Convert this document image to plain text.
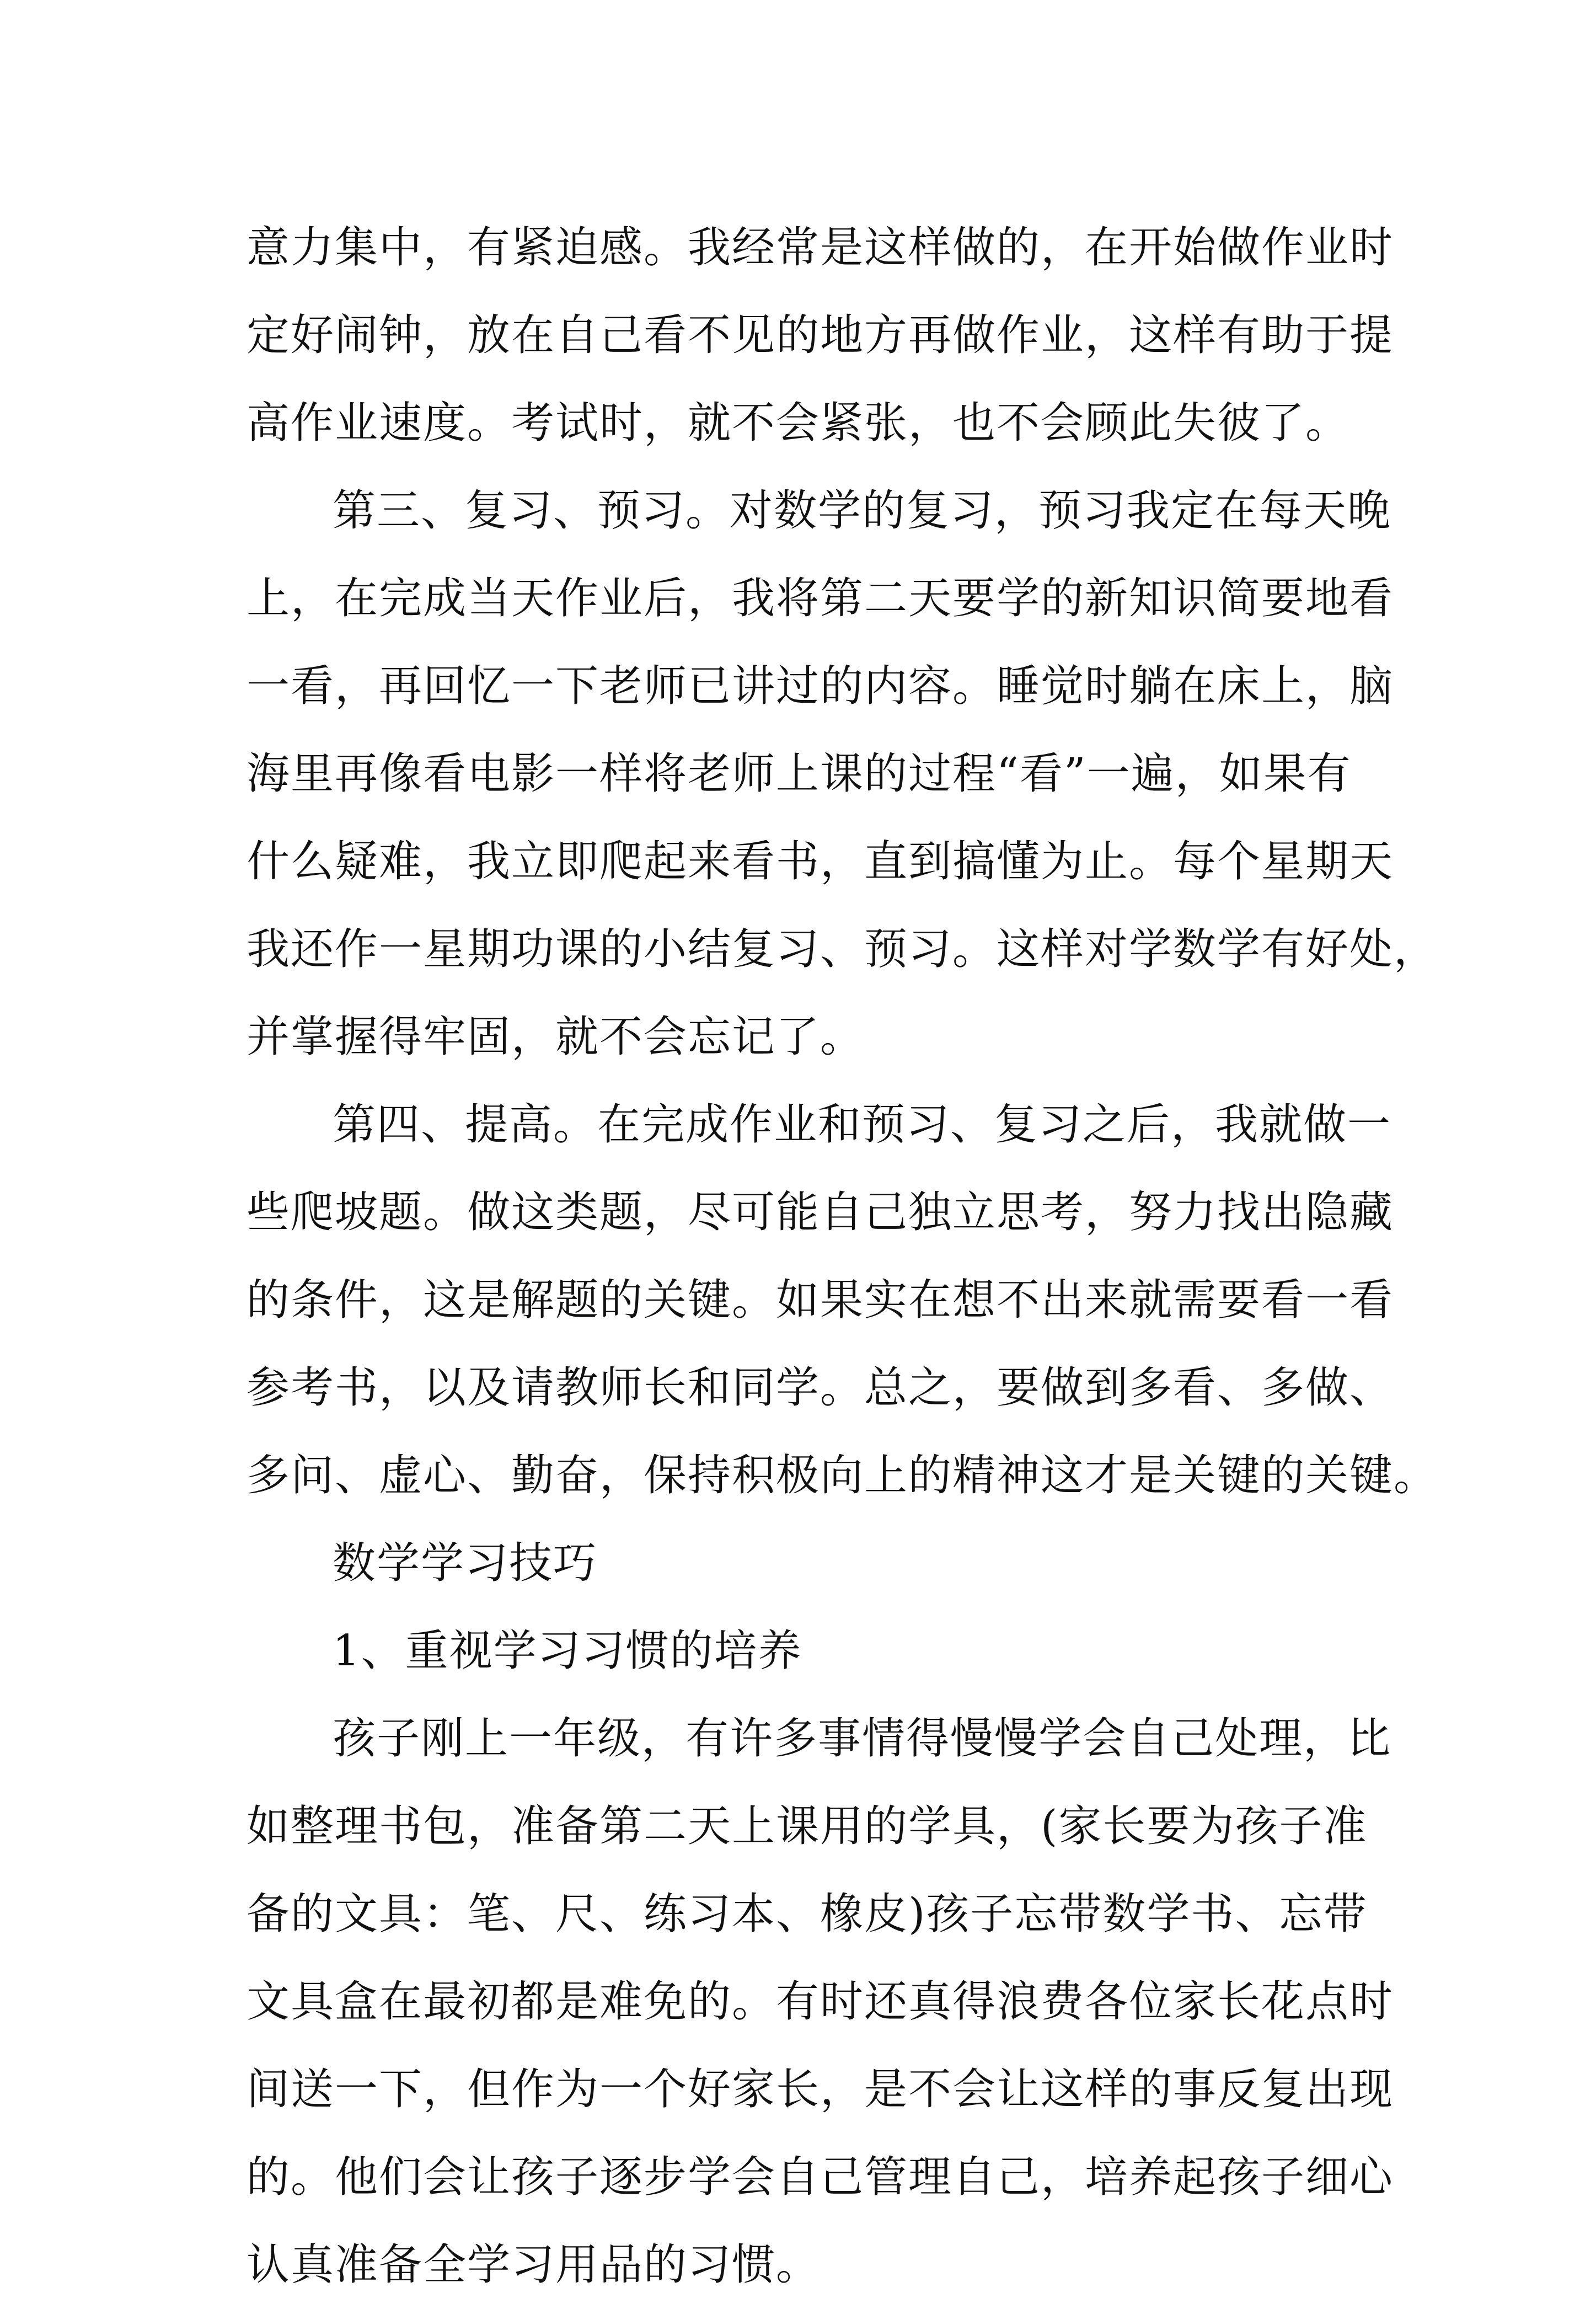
意力集中，有紧迫感。我经常是这样做的，在开始做作业时
定好闹钟，放在自己看不见的地方再做作业，这样有助于提
高作业速度。考试时，就不会紧张，也不会顾此失彼了。
第三、复习、预习。对数学的复习，预习我定在每天晚
上，在完成当天作业后，我将第二天要学的新知识简要地看
一看，再回忆一下老师已讲过的内容。睡觉时躺在床上，脑
海里再像看电影一样将老师上课的过程“看”一遍，如果有
什么疑难，我立即爬起来看书，直到搞懂为止。每个星期天
我还作一星期功课的小结复习、预习。这样对学数学有好处，
并掌握得牢固，就不会忘记了。
第四、提高。在完成作业和预习、复习之后，我就做一
些爬坡题。做这类题，尽可能自己独立思考，努力找出隐藏
的条件，这是解题的关键。如果实在想不出来就需要看一看
参考书，以及请教师长和同学。总之，要做到多看、多做、
多问、虚心、勤奋，保持积极向上的精神这才是关键的关键。
数学学习技巧
1、重视学习习惯的培养
孩子刚上一年级，有许多事情得慢慢学会自己处理，比
如整理书包，准备第二天上课用的学具，(家长要为孩子准
备的文具：笔、尺、练习本、橡皮)孩子忘带数学书、忘带
文具盒在最初都是难免的。有时还真得浪费各位家长花点时
间送一下，但作为一个好家长，是不会让这样的事反复出现
的。他们会让孩子逐步学会自己管理自己，培养起孩子细心
认真准备全学习用品的习惯。
